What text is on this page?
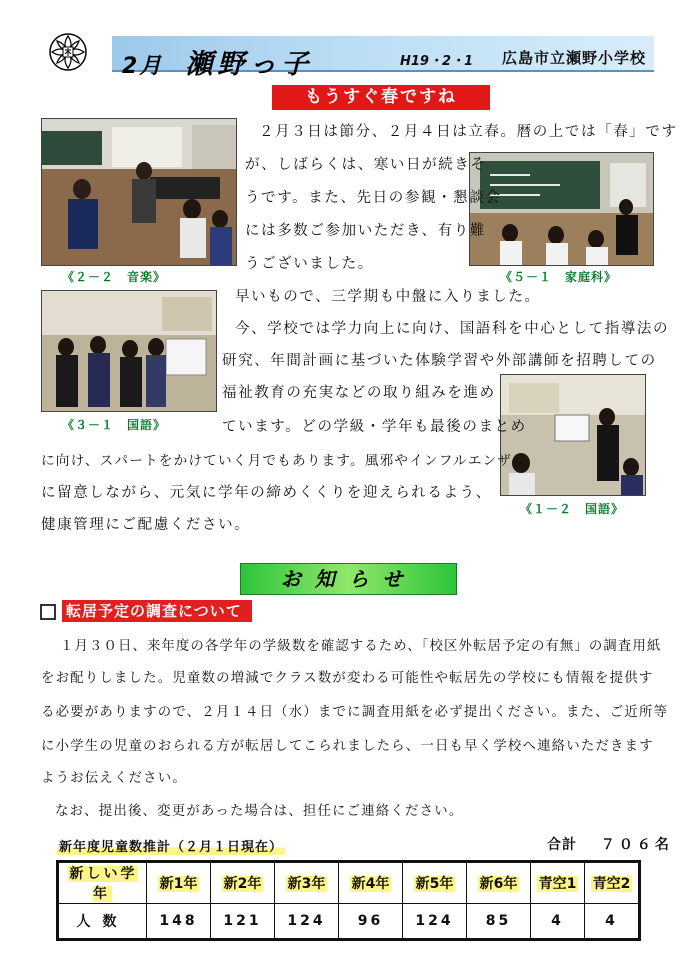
2月 瀬野っ子	H19・2・1 広島市立瀬野小学校
もうすぐ春ですね
《２－２　音楽》	《５－１　家庭科》
《３－１　国語》
《１－２　国語》
２月３日は節分、２月４日は立春。暦の上では「春」です
が、しばらくは、寒い日が続きそ
うです。また、先日の参観・懇談会
には多数ご参加いただき、有り難
うございました。
早いもので、三学期も中盤に入りました。
今、学校では学力向上に向け、国語科を中心として指導法の
研究、年間計画に基づいた体験学習や外部講師を招聘しての
福祉教育の充実などの取り組みを進め
ています。どの学級・学年も最後のまとめ
に向け、スパートをかけていく月でもあります。風邪やインフルエンザ
に留意しながら、元気に学年の締めくくりを迎えられるよう、
健康管理にご配慮ください。
お知らせ
転居予定の調査について
１月３０日、来年度の各学年の学級数を確認するため、「校区外転居予定の有無」の調査用紙
をお配りしました。児童数の増減でクラス数が変わる可能性や転居先の学校にも情報を提供す
る必要がありますので、２月１４日（水）までに調査用紙を必ず提出ください。また、ご近所等
に小学生の児童のおられる方が転居してこられましたら、一日も早く学校へ連絡いただきます
ようお伝えください。
なお、提出後、変更があった場合は、担任にご連絡ください。
新年度児童数推計（２月１日現在）	合計 ７０６名
新しい学年	新1年	新2年	新3年	新4年	新5年	新6年	青空1	青空2
人数	148	121	124	96	124	85	4	4
